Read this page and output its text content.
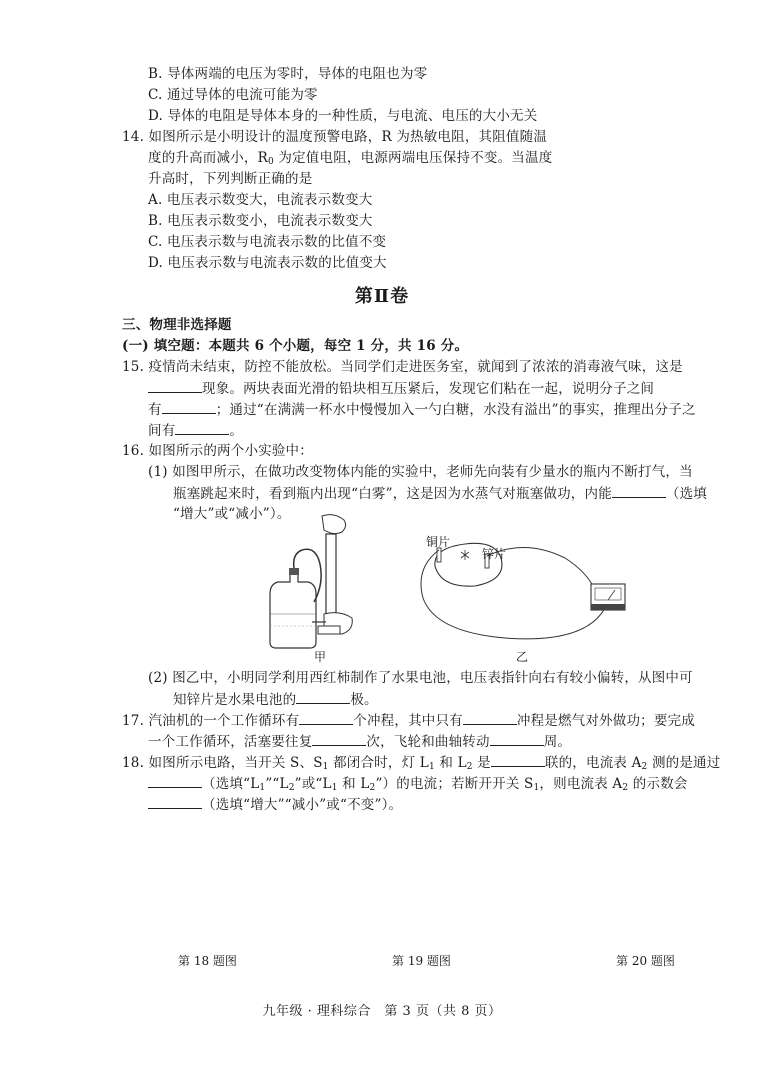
B. 导体两端的电压为零时，导体的电阻也为零
C. 通过导体的电流可能为零
D. 导体的电阻是导体本身的一种性质，与电流、电压的大小无关
14. 如图所示是小明设计的温度预警电路，R 为热敏电阻，其阻值随温
度的升高而减小，$R_0$ 为定值电阻，电源两端电压保持不变。当温度
升高时，下列判断正确的是
A. 电压表示数变大，电流表示数变大
B. 电压表示数变小，电流表示数变大
C. 电压表示数与电流表示数的比值不变
D. 电压表示数与电流表示数的比值变大
第Ⅱ卷
三、物理非选择题
(一) 填空题：本题共 6 个小题，每空 1 分，共 16 分。
15. 疫情尚未结束，防控不能放松。当同学们走进医务室，就闻到了浓浓的消毒液气味，这是
现象。两块表面光滑的铅块相互压紧后，发现它们粘在一起，说明分子之间
有	；通过“在满满一杯水中慢慢加入一勺白糖，水没有溢出”的事实，推理出分子之
间有	。
16. 如图所示的两个小实验中：
(1) 如图甲所示，在做功改变物体内能的实验中，老师先向装有少量水的瓶内不断打气，当
瓶塞跳起来时，看到瓶内出现“白雾”，这是因为水蒸气对瓶塞做功，内能	（选填
“增大”或“减小”）。
甲
铜片
锌片
乙
(2) 图乙中，小明同学利用西红柿制作了水果电池，电压表指针向右有较小偏转，从图中可
知锌片是水果电池的	极。
17. 汽油机的一个工作循环有	个冲程，其中只有	冲程是燃气对外做功；要完成
一个工作循环，活塞要往复	次，飞轮和曲轴转动	周。
18. 如图所示电路，当开关 S、$S_1$ 都闭合时，灯 $L_1$ 和 $L_2$ 是	联的，电流表 $A_2$ 测的是通过
（选填“$L_1”“L_2$”或“$L_1$ 和 $L_2$”）的电流；若断开开关 $S_1$，则电流表 $A_2$ 的示数会
（选填“增大”“减小”或“不变”）。
第 18 题图	第 19 题图	第 20 题图
九年级 · 理科综合　第 3 页（共 8 页）
